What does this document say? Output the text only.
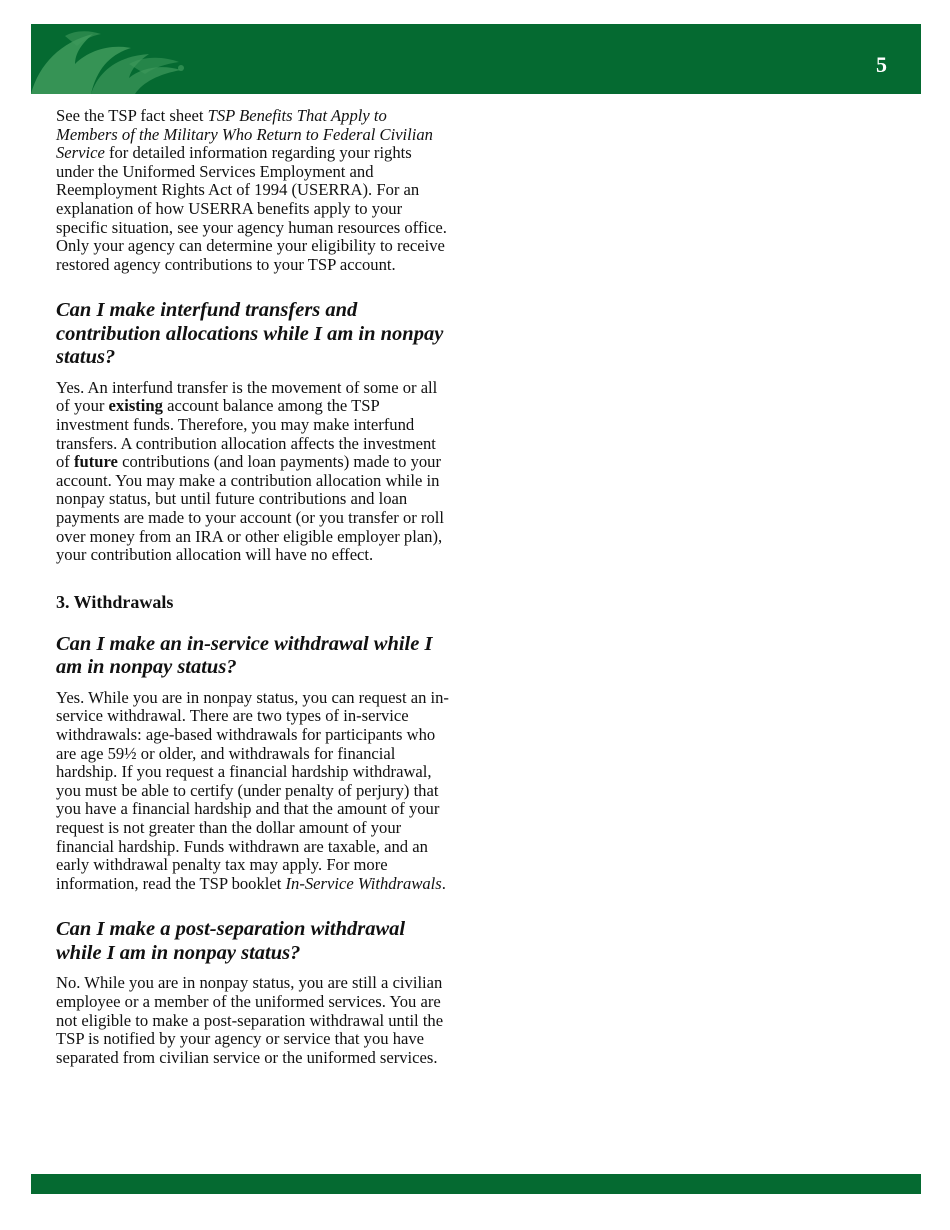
5

See the TSP fact sheet TSP Benefits That Apply to Members of the Military Who Return to Federal Civilian Service for detailed information regarding your rights under the Uniformed Services Employment and Reemployment Rights Act of 1994 (USERRA). For an explanation of how USERRA benefits apply to your specific situation, see your agency human resources office. Only your agency can determine your eligibility to receive restored agency contributions to your TSP account.

Can I make interfund transfers and contribution allocations while I am in nonpay status?

Yes. An interfund transfer is the movement of some or all of your existing account balance among the TSP investment funds. Therefore, you may make interfund transfers. A contribution allocation affects the investment of future contributions (and loan payments) made to your account. You may make a contribution allocation while in nonpay status, but until future contributions and loan payments are made to your account (or you transfer or roll over money from an IRA or other eligible employer plan), your contribution allocation will have no effect.

3. Withdrawals
Can I make an in-service withdrawal while I am in nonpay status?

Yes. While you are in nonpay status, you can request an in-service withdrawal. There are two types of in-service withdrawals: age-based withdrawals for participants who are age 59½ or older, and withdrawals for financial hardship. If you request a financial hardship withdrawal, you must be able to certify (under penalty of perjury) that you have a financial hardship and that the amount of your request is not greater than the dollar amount of your financial hardship. Funds withdrawn are taxable, and an early withdrawal penalty tax may apply. For more information, read the TSP booklet In-Service Withdrawals.

Can I make a post-separation withdrawal while I am in nonpay status?

No. While you are in nonpay status, you are still a civilian employee or a member of the uniformed services. You are not eligible to make a post-separation withdrawal until the TSP is notified by your agency or service that you have separated from civilian service or the uniformed services.
